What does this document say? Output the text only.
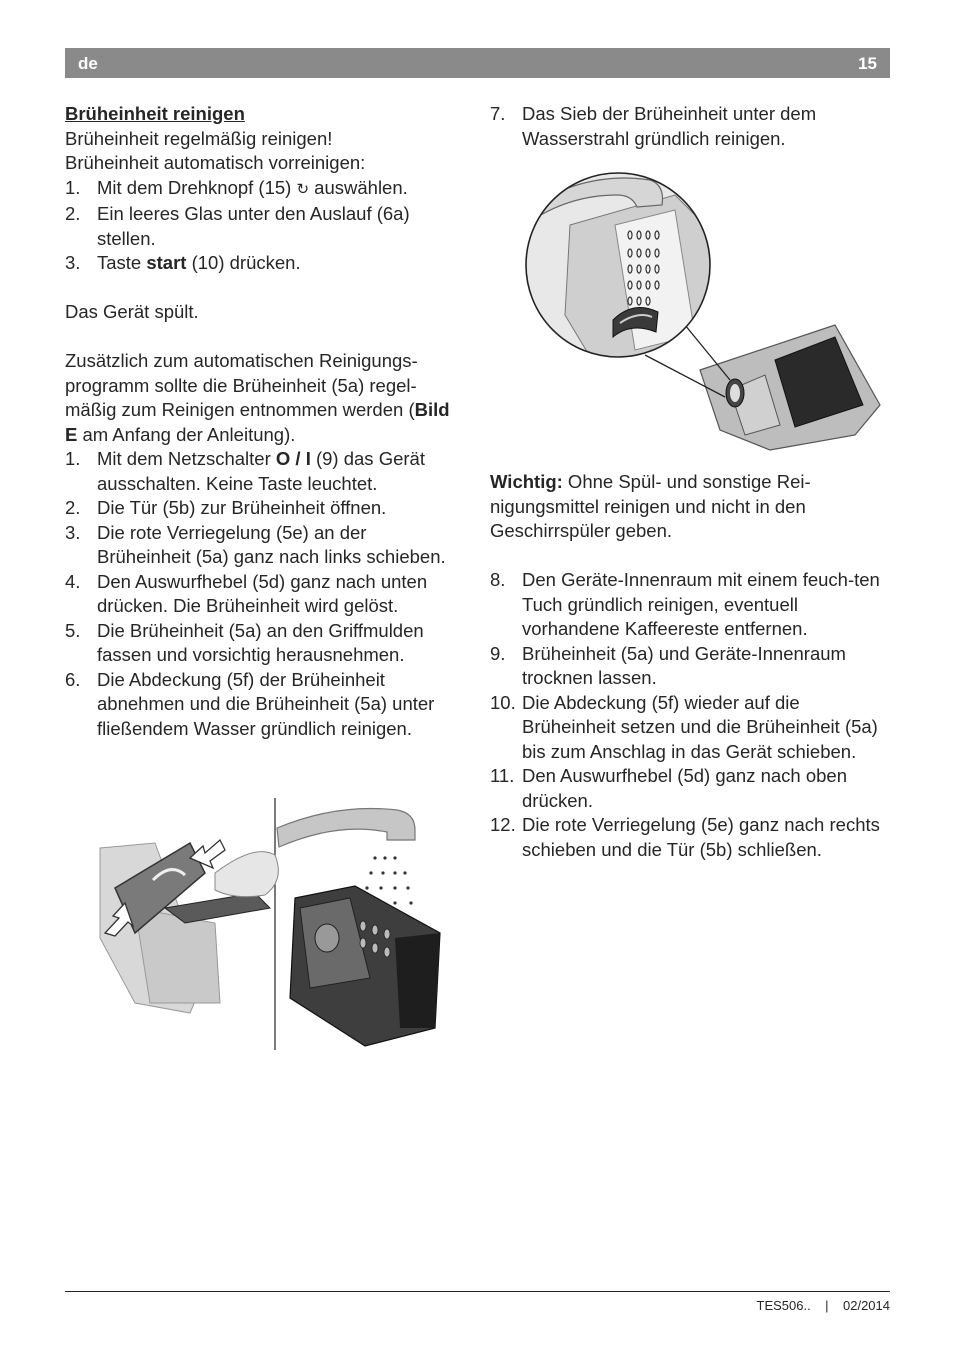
de	15
Brüheinheit reinigen
Brüheinheit regelmäßig reinigen!
Brüheinheit automatisch vorreinigen:
1. Mit dem Drehknopf (15) ↻ auswählen.
2. Ein leeres Glas unter den Auslauf (6a) stellen.
3. Taste start (10) drücken.
Das Gerät spült.
Zusätzlich zum automatischen Reinigungs-programm sollte die Brüheinheit (5a) regel-mäßig zum Reinigen entnommen werden (Bild E am Anfang der Anleitung).
1. Mit dem Netzschalter O / I (9) das Gerät ausschalten. Keine Taste leuchtet.
2. Die Tür (5b) zur Brüheinheit öffnen.
3. Die rote Verriegelung (5e) an der Brüheinheit (5a) ganz nach links schieben.
4. Den Auswurfhebel (5d) ganz nach unten drücken. Die Brüheinheit wird gelöst.
5. Die Brüheinheit (5a) an den Griffmulden fassen und vorsichtig herausnehmen.
6. Die Abdeckung (5f) der Brüheinheit abnehmen und die Brüheinheit (5a) unter fließendem Wasser gründlich reinigen.
7. Das Sieb der Brüheinheit unter dem Wasserstrahl gründlich reinigen.
Wichtig: Ohne Spül- und sonstige Rei-nigungsmittel reinigen und nicht in den Geschirrspüler geben.
8. Den Geräte-Innenraum mit einem feuch-ten Tuch gründlich reinigen, eventuell vorhandene Kaffeereste entfernen.
9. Brüheinheit (5a) und Geräte-Innenraum trocknen lassen.
10. Die Abdeckung (5f) wieder auf die Brüheinheit setzen und die Brüheinheit (5a) bis zum Anschlag in das Gerät schieben.
11. Den Auswurfhebel (5d) ganz nach oben drücken.
12. Die rote Verriegelung (5e) ganz nach rechts schieben und die Tür (5b) schließen.
TES506.. | 02/2014
